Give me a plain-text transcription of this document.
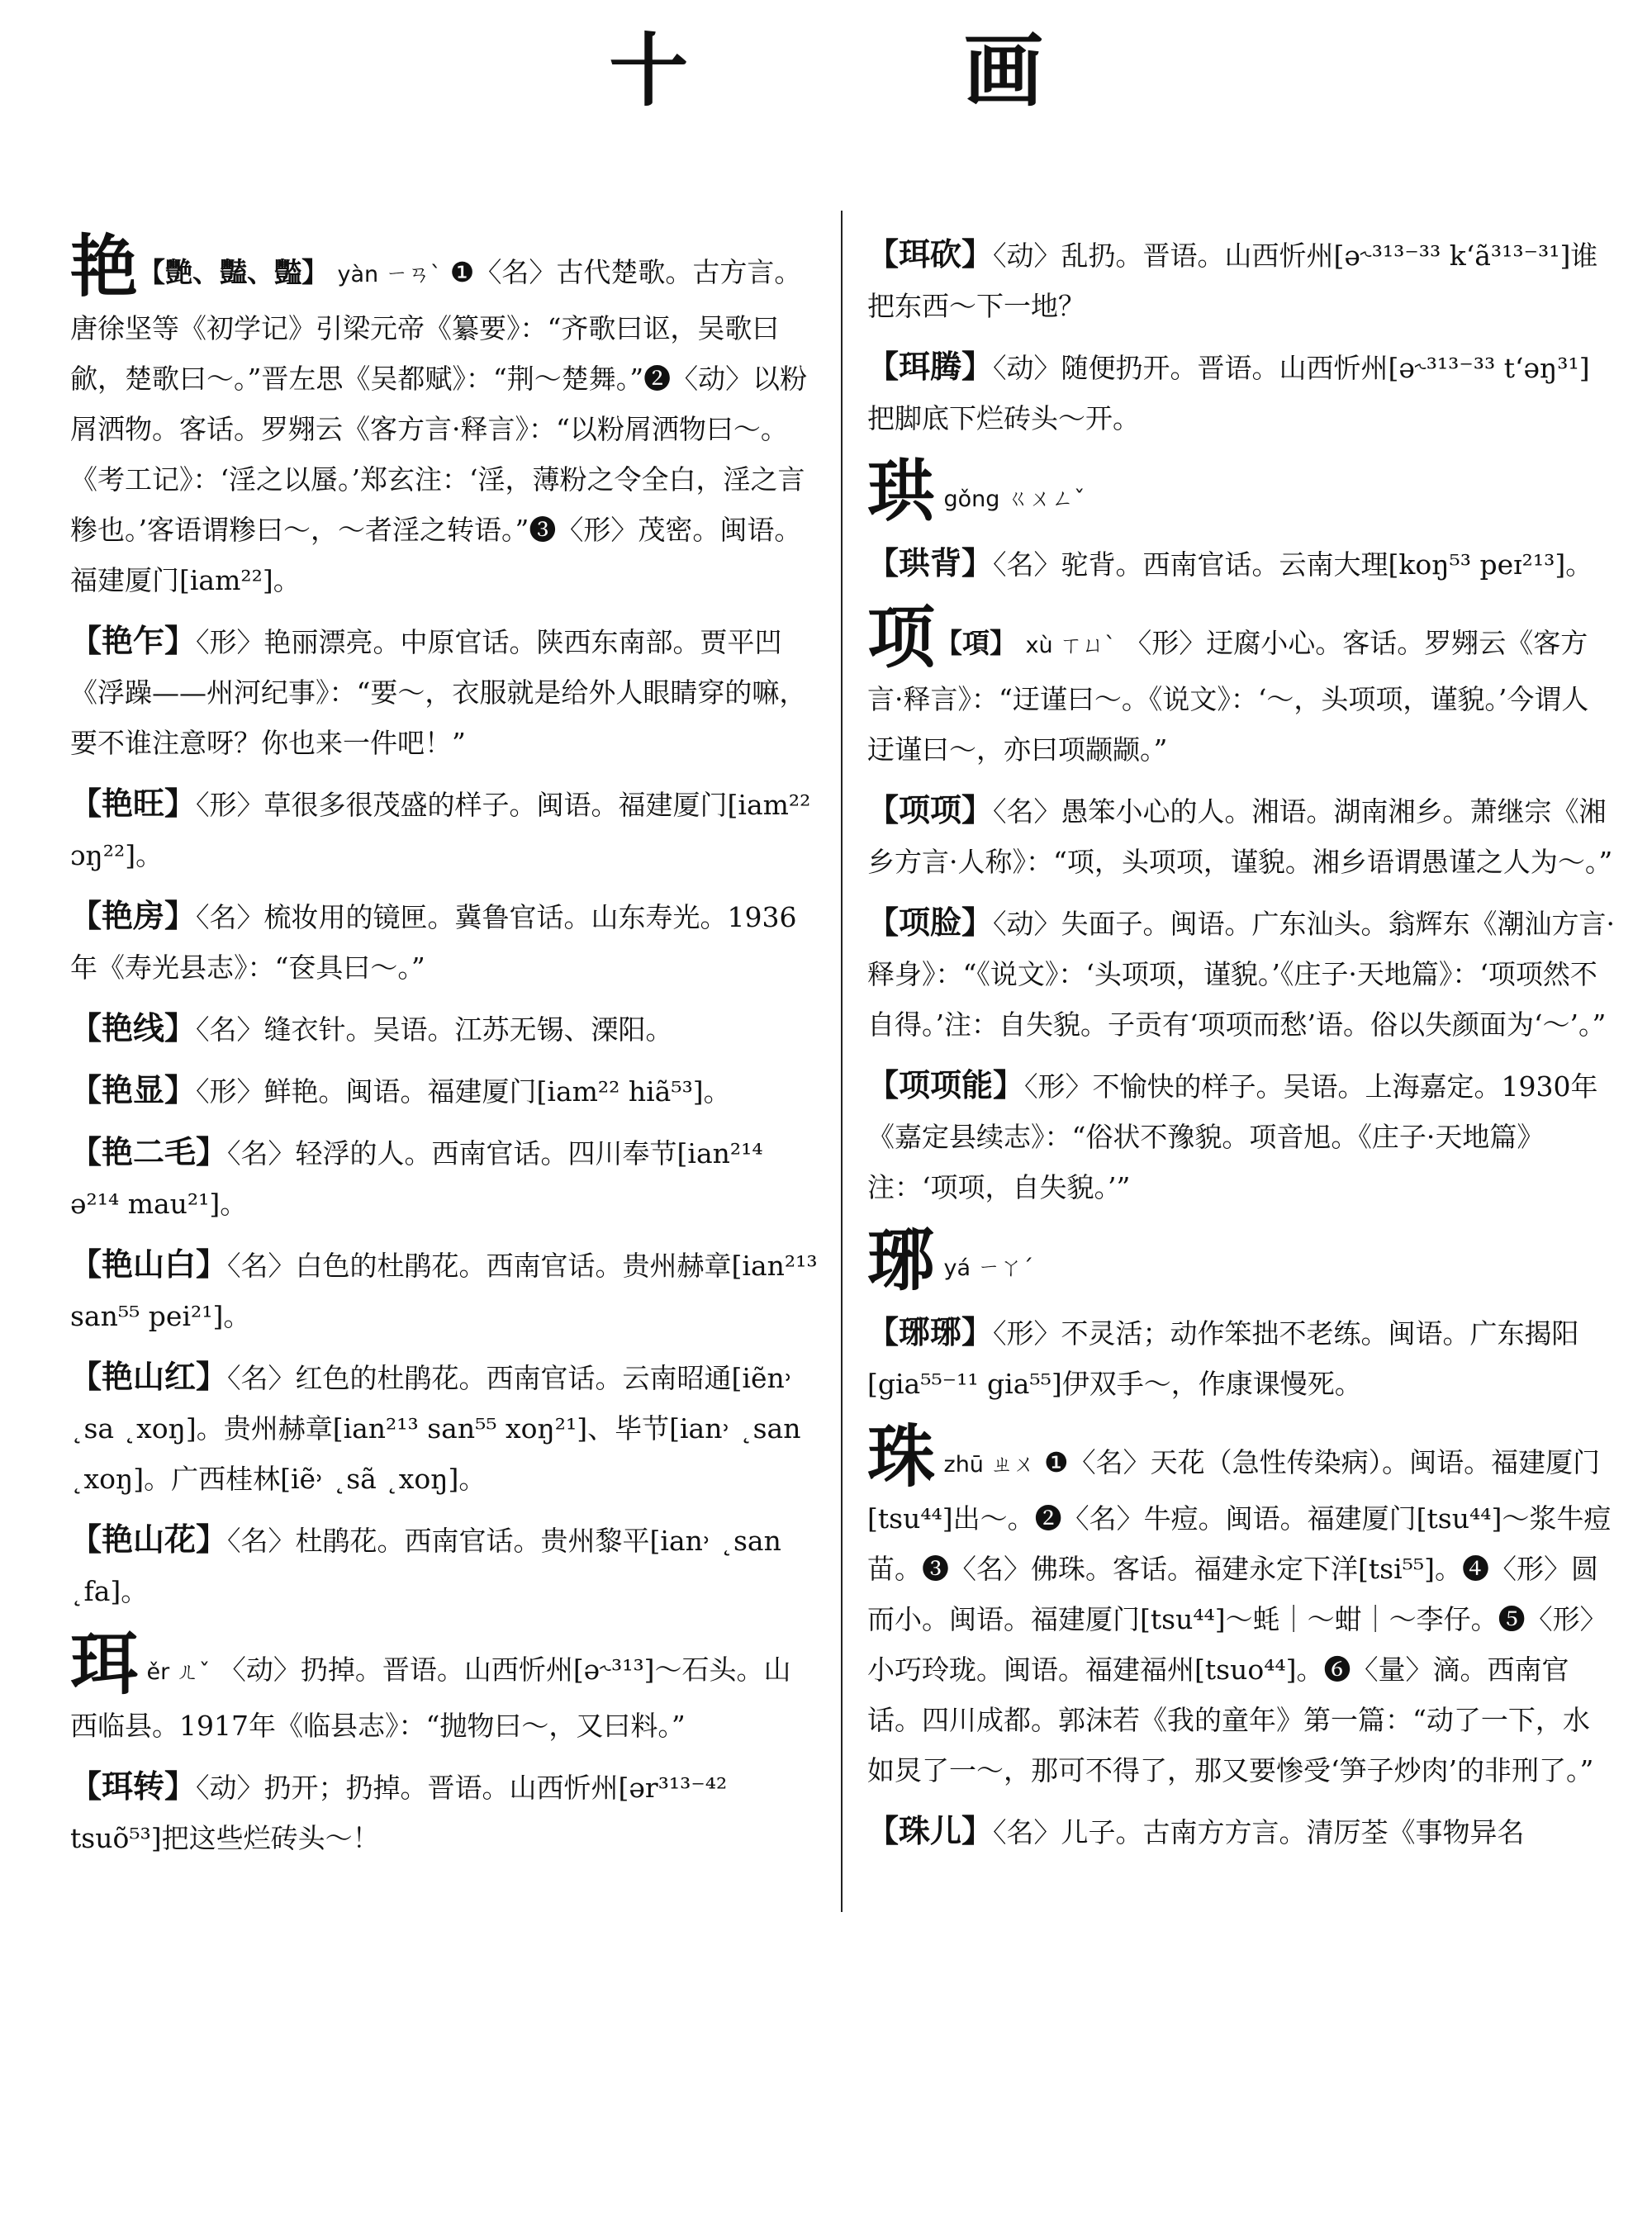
十 画
艳【艷、豔、豓】 yàn ㄧㄢˋ ❶〈名〉古代楚歌。古方言。唐徐坚等《初学记》引梁元帝《纂要》：“齐歌曰讴，吴歌曰歈，楚歌曰～。”晋左思《吴都赋》：“荆～楚舞。”❷〈动〉以粉屑洒物。客话。罗翙云《客方言·释言》：“以粉屑洒物曰～。《考工记》：‘淫之以蜃。’郑玄注：‘淫，薄粉之令全白，淫之言糁也。’客语谓糁曰～，～者淫之转语。”❸〈形〉茂密。闽语。福建厦门[iam²²]。
【艳乍】〈形〉艳丽漂亮。中原官话。陕西东南部。贾平凹《浮躁——州河纪事》：“要～，衣服就是给外人眼睛穿的嘛，要不谁注意呀？你也来一件吧！”
【艳旺】〈形〉草很多很茂盛的样子。闽语。福建厦门[iam²² ɔŋ²²]。
【艳房】〈名〉梳妆用的镜匣。冀鲁官话。山东寿光。1936年《寿光县志》：“奁具曰～。”
【艳线】〈名〉缝衣针。吴语。江苏无锡、溧阳。
【艳显】〈形〉鲜艳。闽语。福建厦门[iam²² hiã⁵³]。
【艳二毛】〈名〉轻浮的人。西南官话。四川奉节[ian²¹⁴ ə²¹⁴ mau²¹]。
【艳山白】〈名〉白色的杜鹃花。西南官话。贵州赫章[ian²¹³ san⁵⁵ pei²¹]。
【艳山红】〈名〉红色的杜鹃花。西南官话。云南昭通[iẽn˒ ˛sa ˛xoŋ]。贵州赫章[ian²¹³ san⁵⁵ xoŋ²¹]、毕节[ian˒ ˛san ˛xoŋ]。广西桂林[iẽ˒ ˛sã ˛xoŋ]。
【艳山花】〈名〉杜鹃花。西南官话。贵州黎平[ian˒ ˛san ˛fa]。
珥 ěr ㄦˇ 〈动〉扔掉。晋语。山西忻州[ə˞³¹³]～石头。山西临县。1917年《临县志》：“抛物曰～，又曰料。”
【珥转】〈动〉扔开；扔掉。晋语。山西忻州[ər³¹³⁻⁴² tsuõ⁵³]把这些烂砖头～！
【珥砍】〈动〉乱扔。晋语。山西忻州[ə˞³¹³⁻³³ k‘ã³¹³⁻³¹]谁把东西～下一地？
【珥腾】〈动〉随便扔开。晋语。山西忻州[ə˞³¹³⁻³³ t‘əŋ³¹]把脚底下烂砖头～开。
珙 gǒng ㄍㄨㄥˇ
【珙背】〈名〉驼背。西南官话。云南大理[koŋ⁵³ peɪ²¹³]。
项【項】 xù ㄒㄩˋ 〈形〉迂腐小心。客话。罗翙云《客方言·释言》：“迂谨曰～。《说文》：‘～，头项项，谨貌。’今谓人迂谨曰～，亦曰项颛颛。”
【项项】〈名〉愚笨小心的人。湘语。湖南湘乡。萧继宗《湘乡方言·人称》：“项，头项项，谨貌。湘乡语谓愚谨之人为～。”
【项脸】〈动〉失面子。闽语。广东汕头。翁辉东《潮汕方言·释身》：“《说文》：‘头项项，谨貌。’《庄子·天地篇》：‘项项然不自得。’注：自失貌。子贡有‘项项而愁’语。俗以失颜面为‘～’。”
【项项能】〈形〉不愉快的样子。吴语。上海嘉定。1930年《嘉定县续志》：“俗状不豫貌。项音旭。《庄子·天地篇》注：‘项项，自失貌。’”
琊 yá ㄧㄚˊ
【琊琊】〈形〉不灵活；动作笨拙不老练。闽语。广东揭阳[gia⁵⁵⁻¹¹ gia⁵⁵]伊双手～，作康课慢死。
珠 zhū ㄓㄨ ❶〈名〉天花（急性传染病）。闽语。福建厦门[tsu⁴⁴]出～。❷〈名〉牛痘。闽语。福建厦门[tsu⁴⁴]～浆牛痘苗。❸〈名〉佛珠。客话。福建永定下洋[tsi⁵⁵]。❹〈形〉圆而小。闽语。福建厦门[tsu⁴⁴]～蚝｜～蚶｜～李仔。❺〈形〉小巧玲珑。闽语。福建福州[tsuo⁴⁴]。❻〈量〉滴。西南官话。四川成都。郭沫若《我的童年》第一篇：“动了一下，水如炅了一～，那可不得了，那又要惨受‘笋子炒肉’的非刑了。”
【珠儿】〈名〉儿子。古南方方言。清厉荃《事物异名
